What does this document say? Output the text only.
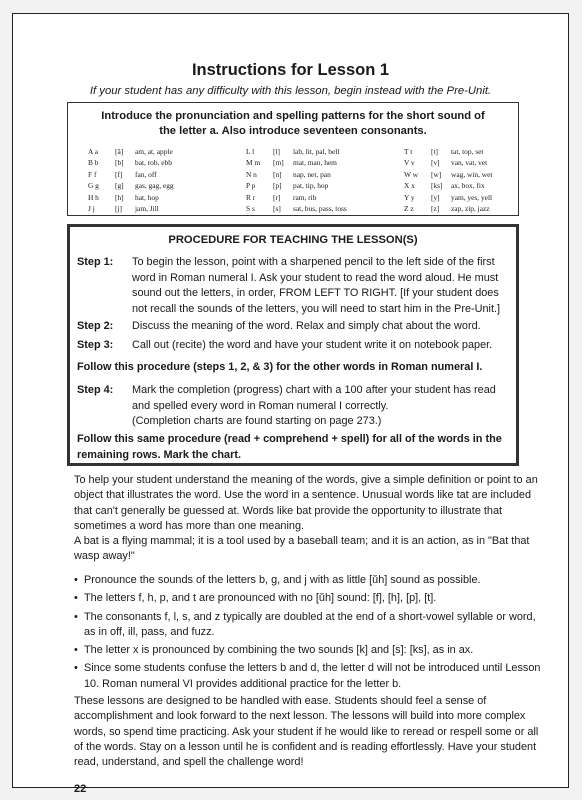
Instructions for Lesson 1
If your student has any difficulty with this lesson, begin instead with the Pre-Unit.
Introduce the pronunciation and spelling patterns for the short sound of
the letter a. Also introduce seventeen consonants.
A a	[ă]	am, at, apple
B b	[b]	bat, rob, ebb
F f	[f]	fan, off
G g	[g]	gas, gag, egg
H h	[h]	hat, hop
J j	[j]	jam, Jill
L l	[l]	lab, lit, pal, bell
M m	[m]	mat, man, hem
N n	[n]	nap, net, pan
P p	[p]	pat, tip, hop
R r	[r]	ram, rib
S s	[s]	sat, bus, pass, toss
T t	[t]	tat, top, set
V v	[v]	van, vat, vet
W w	[w]	wag, win, wet
X x	[ks]	ax, box, fix
Y y	[y]	yam, yes, yell
Z z	[z]	zap, zip, jazz
PROCEDURE FOR TEACHING THE LESSON(S)
Step 1: To begin the lesson, point with a sharpened pencil to the left side of the first word in Roman numeral I. Ask your student to read the word aloud. He must sound out the letters, in order, FROM LEFT TO RIGHT. [If your student does not recall the sounds of the letters, you will need to start him in the Pre-Unit.]
Step 2: Discuss the meaning of the word. Relax and simply chat about the word.
Step 3: Call out (recite) the word and have your student write it on notebook paper.
Follow this procedure (steps 1, 2, & 3) for the other words in Roman numeral I.
Step 4: Mark the completion (progress) chart with a 100 after your student has read and spelled every word in Roman numeral I correctly.
(Completion charts are found starting on page 273.)
Follow this same procedure (read + comprehend + spell) for all of the words in the remaining rows. Mark the chart.
To help your student understand the meaning of the words, give a simple definition or point to an object that illustrates the word. Use the word in a sentence. Unusual words like tat are included that can't generally be guessed at. Words like bat provide the opportunity to illustrate that sometimes a word has more than one meaning.
A bat is a flying mammal; it is a tool used by a baseball team; and it is an action, as in "Bat that wasp away!"
• Pronounce the sounds of the letters b, g, and j with as little [ŭh] sound as possible.
• The letters f, h, p, and t are pronounced with no [ŭh] sound: [f], [h], [p], [t].
• The consonants f, l, s, and z typically are doubled at the end of a short-vowel syllable or word, as in off, ill, pass, and fuzz.
• The letter x is pronounced by combining the two sounds [k] and [s]: [ks], as in ax.
• Since some students confuse the letters b and d, the letter d will not be introduced until Lesson 10. Roman numeral VI provides additional practice for the letter b.
These lessons are designed to be handled with ease. Students should feel a sense of accomplishment and look forward to the next lesson. The lessons will build into more complex words, so spend time practicing. Ask your student if he would like to reread or respell some or all of the words. Stay on a lesson until he is confident and is reading effortlessly. Have your student read, understand, and spell the challenge word!
22
